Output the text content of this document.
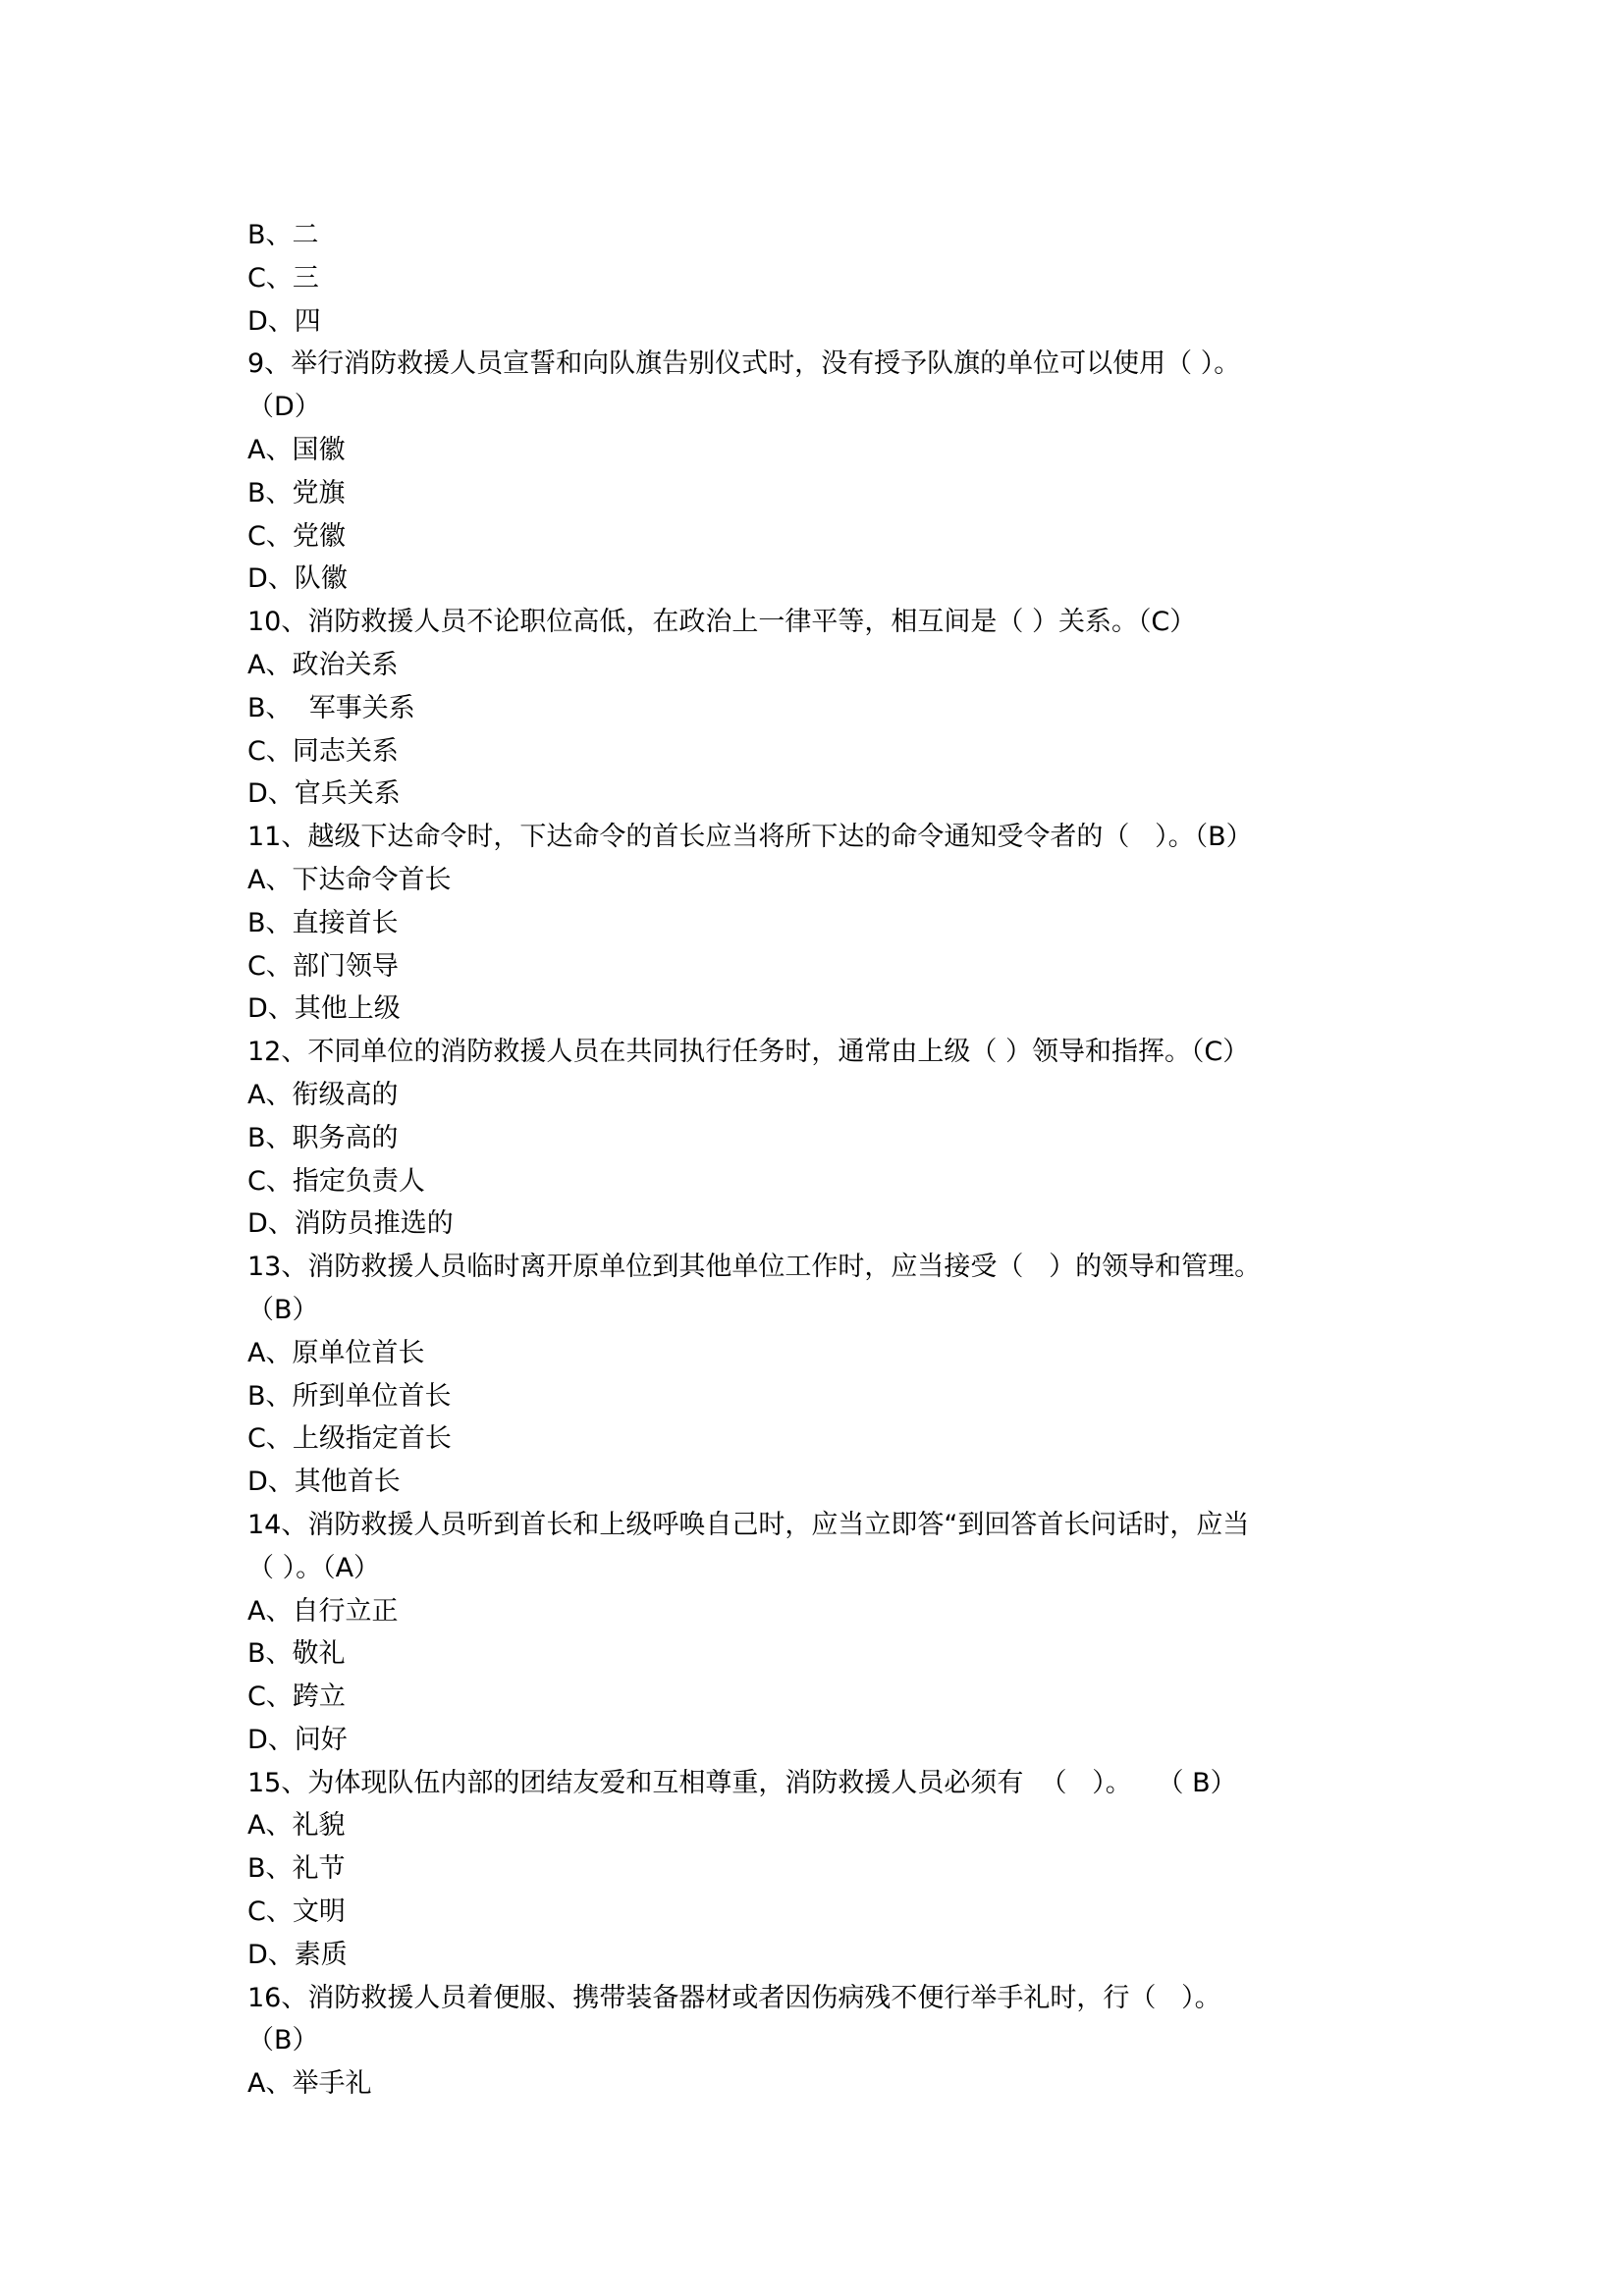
B、二
C、三
D、四
9、举行消防救援人员宣誓和向队旗告别仪式时，没有授予队旗的单位可以使用（ ）。
（D）
A、国徽
B、党旗
C、党徽
D、队徽
10、消防救援人员不论职位高低，在政治上一律平等，相互间是（ ）关系。（C）
A、政治关系
B、  军事关系
C、同志关系
D、官兵关系
11、越级下达命令时，下达命令的首长应当将所下达的命令通知受令者的（   ）。（B）
A、下达命令首长
B、直接首长
C、部门领导
D、其他上级
12、不同单位的消防救援人员在共同执行任务时，通常由上级（ ）领导和指挥。（C）
A、衔级高的
B、职务高的
C、指定负责人
D、消防员推选的
13、消防救援人员临时离开原单位到其他单位工作时，应当接受（   ）的领导和管理。
（B）
A、原单位首长
B、所到单位首长
C、上级指定首长
D、其他首长
14、消防救援人员听到首长和上级呼唤自己时，应当立即答“到回答首长问话时，应当
（ ）。（A）
A、自行立正
B、敬礼
C、跨立
D、问好
15、为体现队伍内部的团结友爱和互相尊重，消防救援人员必须有  （   ）。   （ B）
A、礼貌
B、礼节
C、文明
D、素质
16、消防救援人员着便服、携带装备器材或者因伤病残不便行举手礼时，行（   ）。
（B）
A、举手礼
